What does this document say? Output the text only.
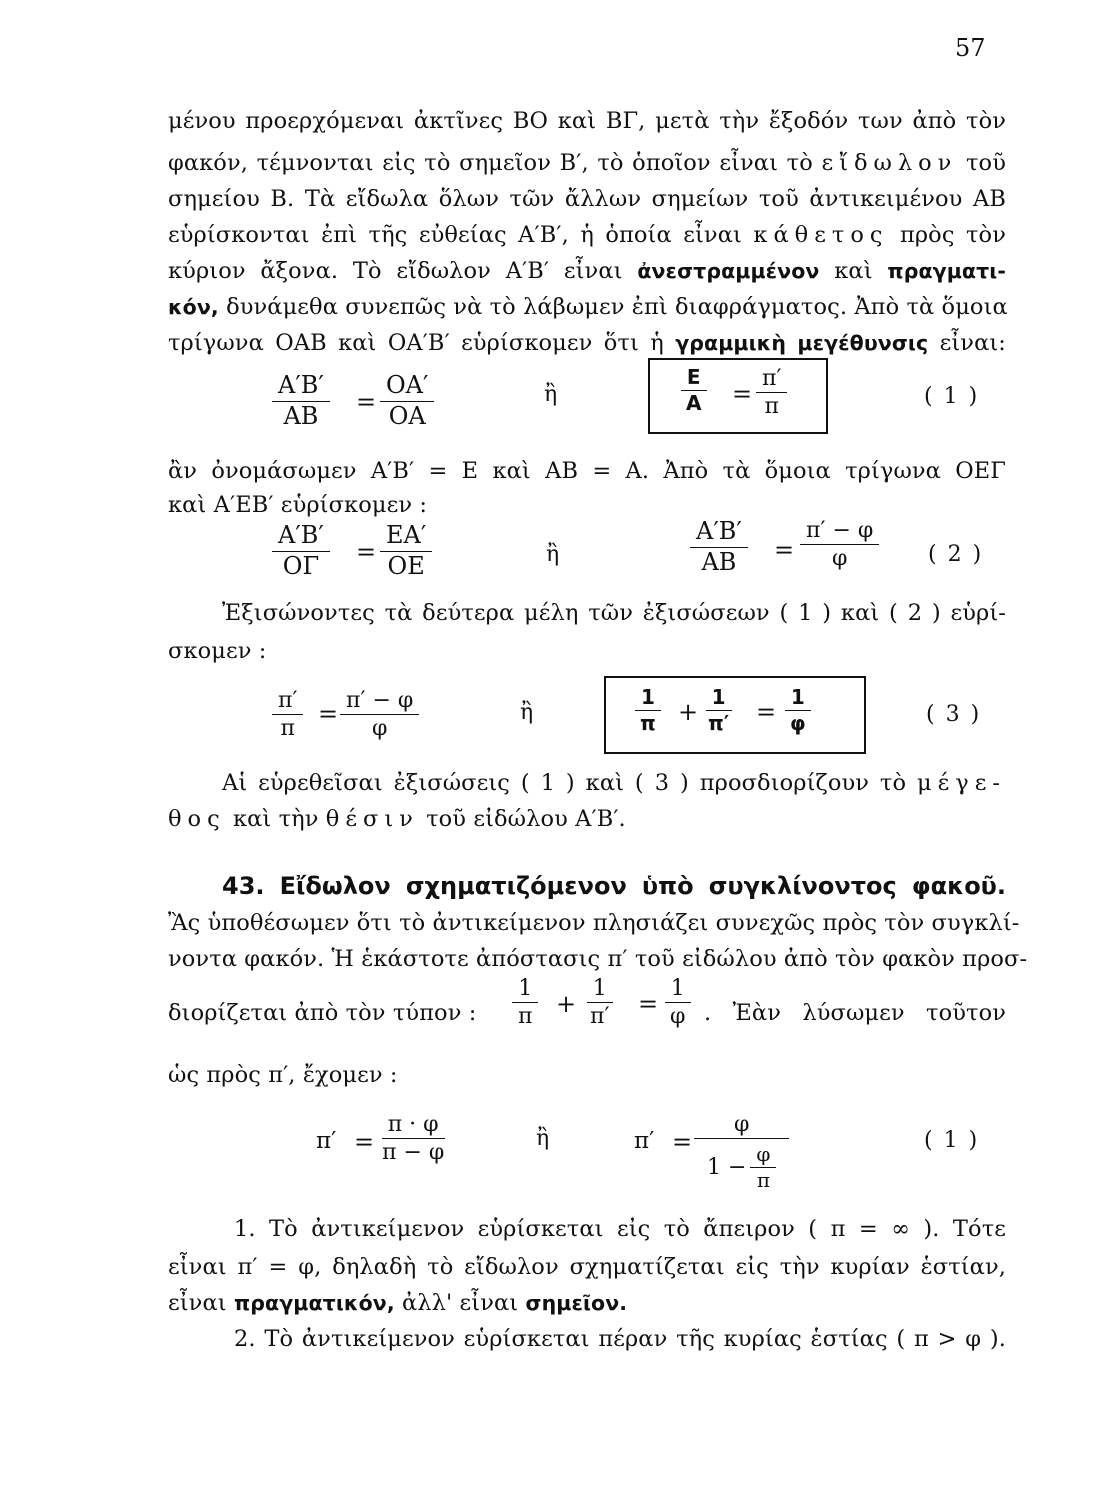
57
μένου προερχόμεναι ἀκτῖνες ΒΟ καὶ ΒΓ, μετὰ τὴν ἔξοδόν των ἀπὸ τὸν
φακόν, τέμνονται εἰς τὸ σημεῖον Β′, τὸ ὁποῖον εἶναι τὸ εἴδωλον τοῦ
σημείου Β. Τὰ εἴδωλα ὅλων τῶν ἄλλων σημείων τοῦ ἀντικειμένου ΑΒ
εὑρίσκονται ἐπὶ τῆς εὐθείας Α′Β′, ἡ ὁποία εἶναι κάθετος πρὸς τὸν
κύριον ἄξονα. Τὸ εἴδωλον Α′Β′ εἶναι ἀνεστραμμένον καὶ πραγματι-
κόν, δυνάμεθα συνεπῶς νὰ τὸ λάβωμεν ἐπὶ διαφράγματος. Ἀπὸ τὰ ὅμοια
τρίγωνα ΟΑΒ καὶ ΟΑ′Β′ εὑρίσκομεν ὅτι ἡ γραμμικὴ μεγέθυνσις εἶναι:
$\frac{A'B'}{AB} = \frac{OA'}{OA}$	ἢ	$\frac{E}{A} = \frac{\pi'}{\pi}$	( 1 )
ἂν ὀνομάσωμεν Α′Β′ = Ε καὶ ΑΒ = Α. Ἀπὸ τὰ ὅμοια τρίγωνα ΟΕΓ
καὶ Α′ΕΒ′ εὑρίσκομεν :
$\frac{A'B'}{O\Gamma} = \frac{EA'}{OE}$	ἢ	$\frac{A'B'}{AB} = \frac{\pi' - \varphi}{\varphi}$ ( 2 )
Ἐξισώνοντες τὰ δεύτερα μέλη τῶν ἐξισώσεων ( 1 ) καὶ ( 2 ) εὑρί-
σκομεν :
$\frac{\pi'}{\pi} = \frac{\pi' - \varphi}{\varphi}$	ἢ	$\frac{1}{\pi} + \frac{1}{\pi'} = \frac{1}{\varphi}$	( 3 )
Αἱ εὑρεθεῖσαι ἐξισώσεις ( 1 ) καὶ ( 3 ) προσδιορίζουν τὸ μέγε-
θος καὶ τὴν θέσιν τοῦ εἰδώλου Α′Β′.
43. Εἴδωλον σχηματιζόμενον ὑπὸ συγκλίνοντος φακοῦ.
Ἂς ὑποθέσωμεν ὅτι τὸ ἀντικείμενον πλησιάζει συνεχῶς πρὸς τὸν συγκλί-
νοντα φακόν. Ἡ ἑκάστοτε ἀπόστασις π′ τοῦ εἰδώλου ἀπὸ τὸν φακὸν προσ-
διορίζεται ἀπὸ τὸν τύπον : $\frac{1}{\pi} + \frac{1}{\pi'} = \frac{1}{\varphi}$ . Ἐὰν λύσωμεν τοῦτον
ὡς πρὸς π′, ἔχομεν :
$\pi' = \frac{\pi \cdot \varphi}{\pi - \varphi}$	ἢ	$\pi' = \frac{\varphi}{1 - \frac{\varphi}{\pi}}$	( 1 )
1. Τὸ ἀντικείμενον εὑρίσκεται εἰς τὸ ἄπειρον ( π = ∞ ). Τότε
εἶναι π′ = φ, δηλαδὴ τὸ εἴδωλον σχηματίζεται εἰς τὴν κυρίαν ἑστίαν,
εἶναι πραγματικόν, ἀλλ' εἶναι σημεῖον.
2. Τὸ ἀντικείμενον εὑρίσκεται πέραν τῆς κυρίας ἑστίας ( π > φ ).
